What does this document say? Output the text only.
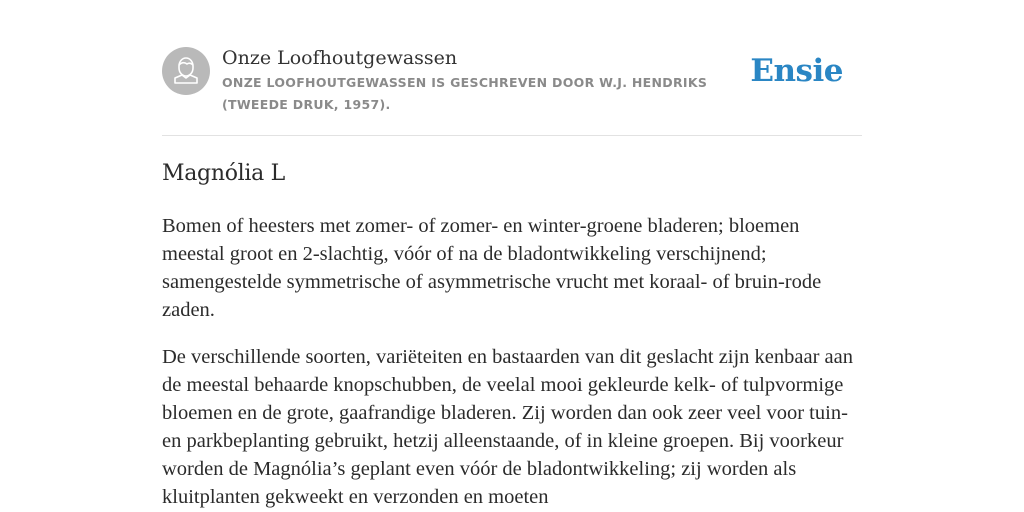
Onze Loofhoutgewassen
ONZE LOOFHOUTGEWASSEN IS GESCHREVEN DOOR W.J. HENDRIKS (TWEEDE DRUK, 1957).
Ensie
Magnólia L

Bomen of heesters met zomer- of zomer- en winter-groene bladeren; bloemen meestal groot en 2-slachtig, vóór of na de bladontwikkeling verschijnend; samengestelde symmetrische of asymmetrische vrucht met koraal- of bruin-rode zaden.

De verschillende soorten, variëteiten en bastaarden van dit geslacht zijn kenbaar aan de meestal behaarde knopschubben, de veelal mooi gekleurde kelk- of tulpvormige bloemen en de grote, gaafrandige bladeren. Zij worden dan ook zeer veel voor tuin- en parkbeplanting gebruikt, hetzij alleenstaande, of in kleine groepen. Bij voorkeur worden de Magnólia’s geplant even vóór de bladontwikkeling; zij worden als kluitplanten gekweekt en verzonden en moeten
